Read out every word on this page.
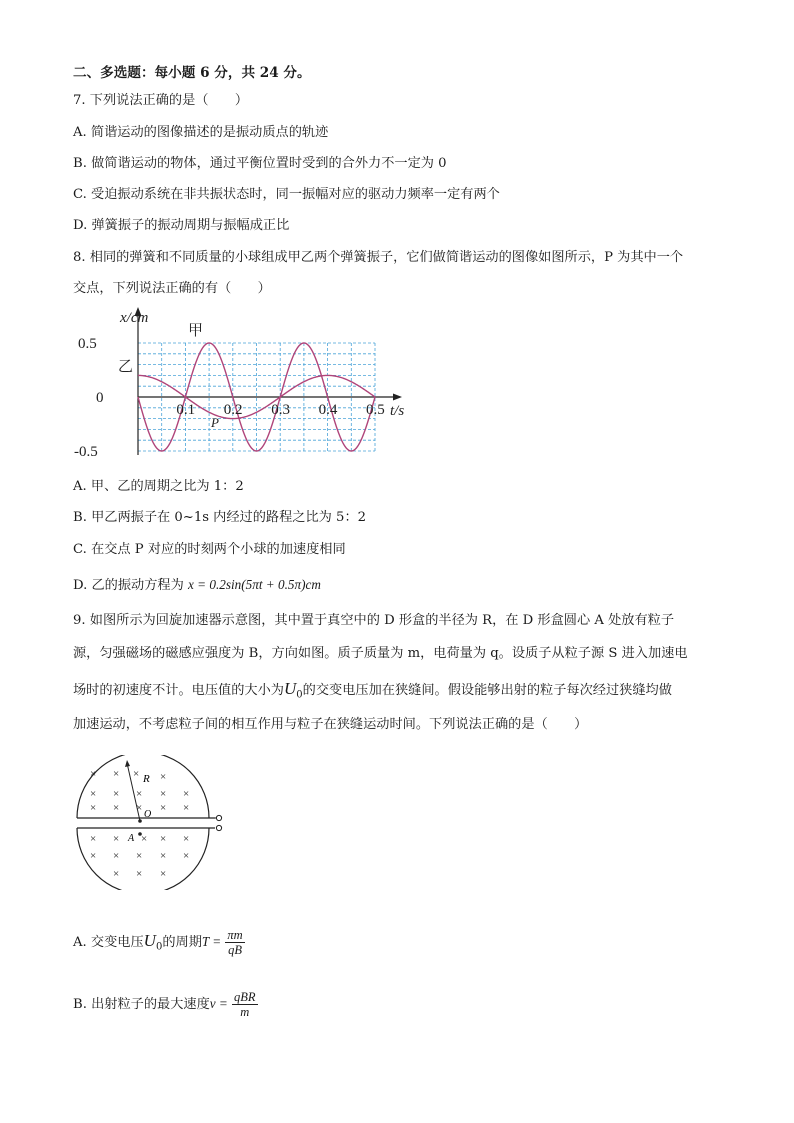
二、多选题：每小题 6 分，共 24 分。
7. 下列说法正确的是（　　）
A. 简谐运动的图像描述的是振动质点的轨迹
B. 做简谐运动的物体，通过平衡位置时受到的合外力不一定为 0
C. 受迫振动系统在非共振状态时，同一振幅对应的驱动力频率一定有两个
D. 弹簧振子的振动周期与振幅成正比
8. 相同的弹簧和不同质量的小球组成甲乙两个弹簧振子，它们做简谐运动的图像如图所示，P 为其中一个
交点，下列说法正确的有（　　）
0.1 0.2 0.3 0.4 0.5
0.5
0
-0.5
x/cm
t/s
甲
乙
P
A. 甲、乙的周期之比为 1：2
B. 甲乙两振子在 0~1s 内经过的路程之比为 5：2
C. 在交点 P 对应的时刻两个小球的加速度相同
D. 乙的振动方程为 x = 0.2sin(5πt + 0.5π)cm
9. 如图所示为回旋加速器示意图，其中置于真空中的 D 形盒的半径为 R，在 D 形盒圆心 A 处放有粒子
源，匀强磁场的磁感应强度为 B，方向如图。质子质量为 m，电荷量为 q。设质子从粒子源 S 进入加速电
场时的初速度不计。电压值的大小为$U_0$的交变电压加在狭缝间。假设能够出射的粒子每次经过狭缝均做
加速运动，不考虑粒子间的相互作用与粒子在狭缝运动时间。下列说法正确的是（　　）
R
O
A
× × ×
× × × × ×
× × × × ×
× × × × ×
× × × × ×
× × ×
×
A. 交变电压$U_0$的周期$T = \frac{\pi m}{qB}$
B. 出射粒子的最大速度$v = \frac{\text{qBR}}{m}$
